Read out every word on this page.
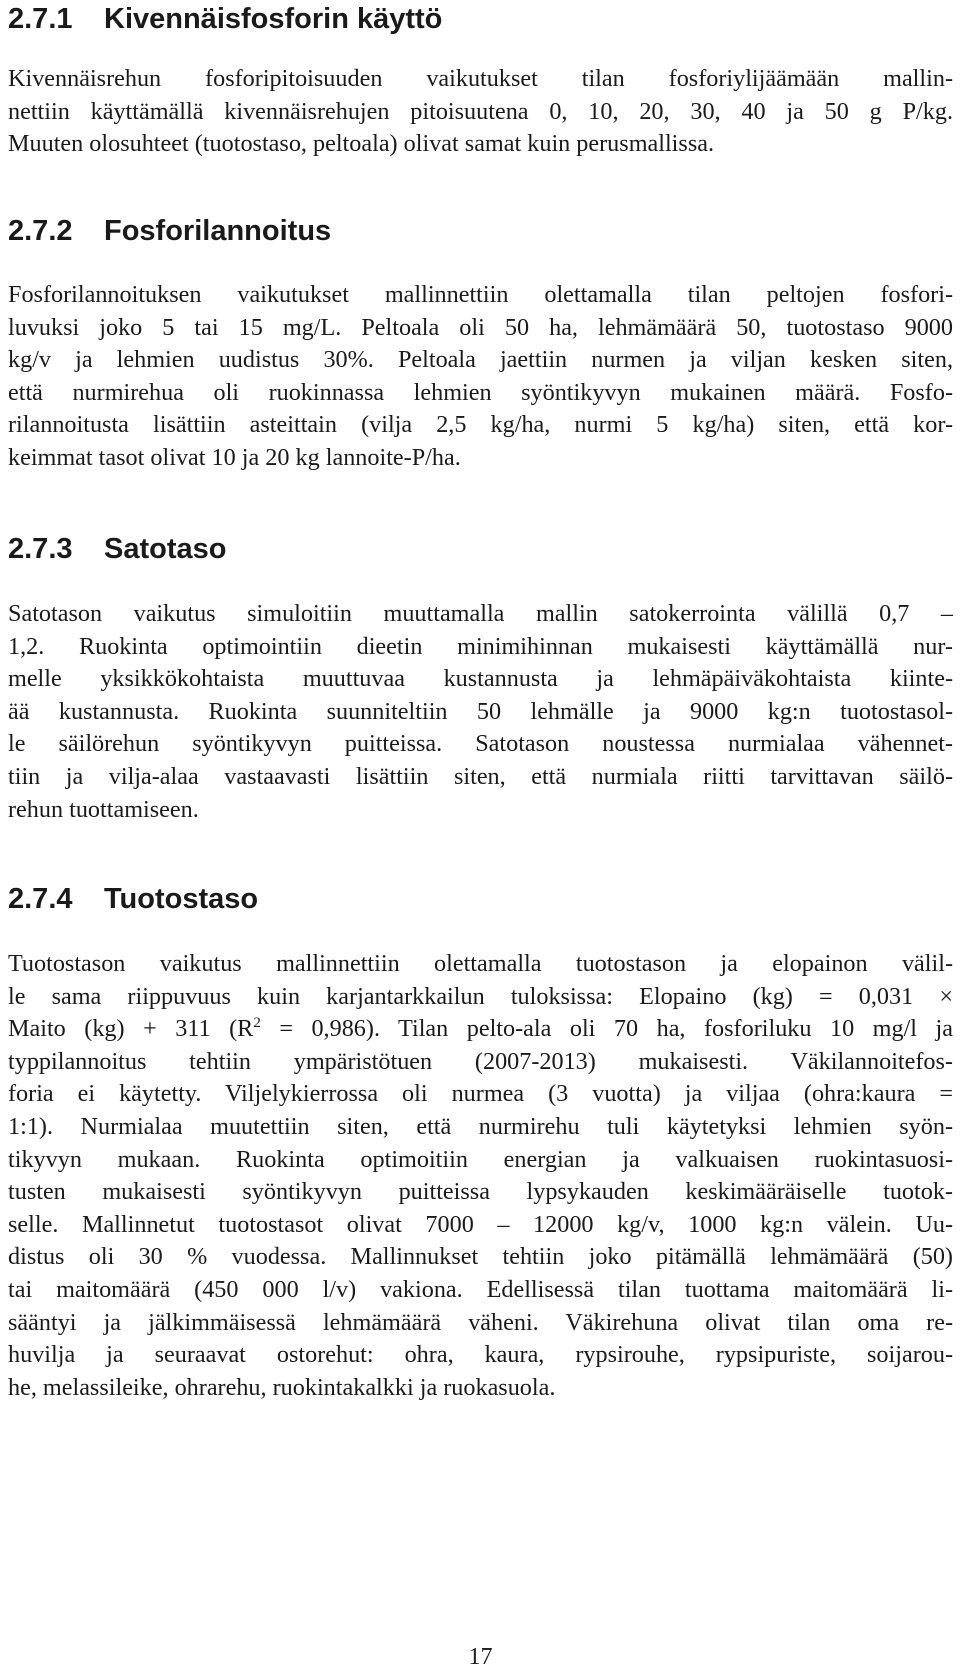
2.7.1 Kivennäisfosforin käyttö
Kivennäisrehun fosforipitoisuuden vaikutukset tilan fosforiylijäämään mallin-
nettiin käyttämällä kivennäisrehujen pitoisuutena 0, 10, 20, 30, 40 ja 50 g P/kg.
Muuten olosuhteet (tuotostaso, peltoala) olivat samat kuin perusmallissa.
2.7.2 Fosforilannoitus
Fosforilannoituksen vaikutukset mallinnettiin olettamalla tilan peltojen fosfori-
luvuksi joko 5 tai 15 mg/L. Peltoala oli 50 ha, lehmämäärä 50, tuotostaso 9000
kg/v ja lehmien uudistus 30%. Peltoala jaettiin nurmen ja viljan kesken siten,
että nurmirehua oli ruokinnassa lehmien syöntikyvyn mukainen määrä. Fosfo-
rilannoitusta lisättiin asteittain (vilja 2,5 kg/ha, nurmi 5 kg/ha) siten, että kor-
keimmat tasot olivat 10 ja 20 kg lannoite-P/ha.
2.7.3 Satotaso
Satotason vaikutus simuloitiin muuttamalla mallin satokerrointa välillä 0,7 –
1,2. Ruokinta optimointiin dieetin minimihinnan mukaisesti käyttämällä nur-
melle yksikkökohtaista muuttuvaa kustannusta ja lehmäpäiväkohtaista kiinte-
ää kustannusta. Ruokinta suunniteltiin 50 lehmälle ja 9000 kg:n tuotostasol-
le säilörehun syöntikyvyn puitteissa. Satotason noustessa nurmialaa vähennet-
tiin ja vilja-alaa vastaavasti lisättiin siten, että nurmiala riitti tarvittavan säilö-
rehun tuottamiseen.
2.7.4 Tuotostaso
Tuotostason vaikutus mallinnettiin olettamalla tuotostason ja elopainon välil-
le sama riippuvuus kuin karjantarkkailun tuloksissa: Elopaino (kg) = 0,031 ×
Maito (kg) + 311 $(R^2 = 0,986)$. Tilan pelto-ala oli 70 ha, fosforiluku 10 mg/l ja
typpilannoitus tehtiin ympäristötuen (2007-2013) mukaisesti. Väkilannoitefos-
foria ei käytetty. Viljelykierrossa oli nurmea (3 vuotta) ja viljaa (ohra:kaura =
1:1). Nurmialaa muutettiin siten, että nurmirehu tuli käytetyksi lehmien syön-
tikyvyn mukaan. Ruokinta optimoitiin energian ja valkuaisen ruokintasuosi-
tusten mukaisesti syöntikyvyn puitteissa lypsykauden keskimääräiselle tuotok-
selle. Mallinnetut tuotostasot olivat 7000 – 12000 kg/v, 1000 kg:n välein. Uu-
distus oli 30 % vuodessa. Mallinnukset tehtiin joko pitämällä lehmämäärä (50)
tai maitomäärä (450 000 l/v) vakiona. Edellisessä tilan tuottama maitomäärä li-
sääntyi ja jälkimmäisessä lehmämäärä väheni. Väkirehuna olivat tilan oma re-
huvilja ja seuraavat ostorehut: ohra, kaura, rypsirouhe, rypsipuriste, soijarou-
he, melassileike, ohrarehu, ruokintakalkki ja ruokasuola.

17
